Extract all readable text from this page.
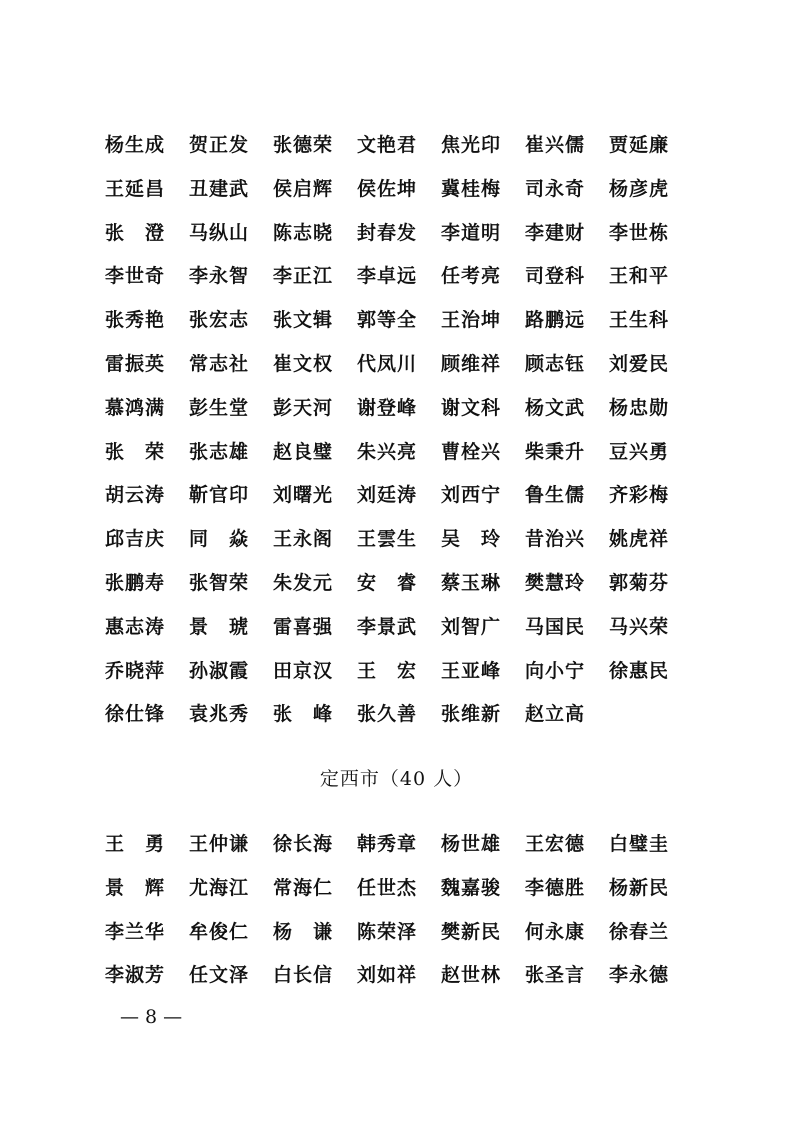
杨生成 贺正发 张德荣 文艳君 焦光印 崔兴儒 贾延廉
王延昌 丑建武 侯启辉 侯佐坤 冀桂梅 司永奇 杨彦虎
张　澄 马纵山 陈志晓 封春发 李道明 李建财 李世栋
李世奇 李永智 李正江 李卓远 任考亮 司登科 王和平
张秀艳 张宏志 张文辑 郭等全 王治坤 路鹏远 王生科
雷振英 常志社 崔文权 代凤川 顾维祥 顾志钰 刘爱民
慕鸿满 彭生堂 彭天河 谢登峰 谢文科 杨文武 杨忠勋
张　荣 张志雄 赵良璧 朱兴亮 曹栓兴 柴秉升 豆兴勇
胡云涛 靳官印 刘曙光 刘廷涛 刘西宁 鲁生儒 齐彩梅
邱吉庆 同　焱 王永阁 王雲生 吴　玲 昔治兴 姚虎祥
张鹏寿 张智荣 朱发元 安　睿 蔡玉琳 樊慧玲 郭菊芬
惠志涛 景　琥 雷喜强 李景武 刘智广 马国民 马兴荣
乔晓萍 孙淑霞 田京汉 王　宏 王亚峰 向小宁 徐惠民
徐仕锋 袁兆秀 张　峰 张久善 张维新 赵立高
定西市（40 人）
王　勇 王仲谦 徐长海 韩秀章 杨世雄 王宏德 白璧圭
景　辉 尤海江 常海仁 任世杰 魏嘉骏 李德胜 杨新民
李兰华 牟俊仁 杨　谦 陈荣泽 樊新民 何永康 徐春兰
李淑芳 任文泽 白长信 刘如祥 赵世林 张圣言 李永德
— 8 —
